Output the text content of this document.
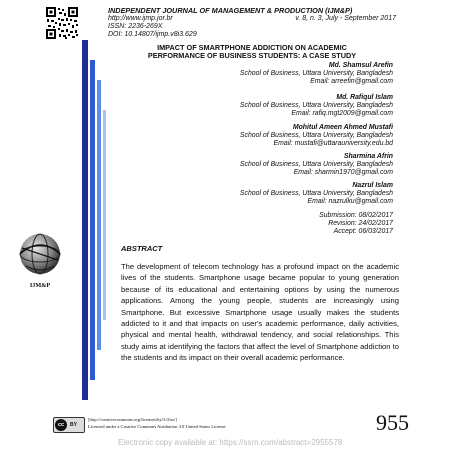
INDEPENDENT JOURNAL OF MANAGEMENT & PRODUCTION (IJM&P)
http://www.ijmp.jor.br	v. 8, n. 3, July - September 2017
ISSN: 2236-269X
DOI: 10.14807/ijmp.v8i3.629
IMPACT OF SMARTPHONE ADDICTION ON ACADEMIC
PERFORMANCE OF BUSINESS STUDENTS: A CASE STUDY
Md. Shamsul Arefin
School of Business, Uttara University, Bangladesh
Email: arreefin@gmail.com
Md. Rafiqul Islam
School of Business, Uttara University, Bangladesh
Email: rafiq.mgt2009@gmail.com
Mohitul Ameen Ahmed Mustafi
School of Business, Uttara University, Bangladesh
Email: mustafi@uttarauniversity.edu.bd
Sharmina Afrin
School of Business, Uttara University, Bangladesh
Email: sharmin1970@gmail.com
Nazrul Islam
School of Business, Uttara University, Bangladesh
Email: nazrulku@gmail.com
Submission: 08/02/2017
Revision: 24/02/2017
Accept: 06/03/2017
IJM&P
ABSTRACT
The development of telecom technology has a profound impact on the academic lives of the students. Smartphone usage became popular to young generation because of its educational and entertaining options by using the numerous applications. Among the young people, students are increasingly using Smartphone. But excessive Smartphone usage usually makes the students addicted to it and that impacts on user's academic performance, daily activities, physical and mental health, withdrawal tendency, and social relationships. This study aims at identifying the factors that affect the level of Smartphone addiction to the students and its impact on their overall academic performance.
cc	BY
[http://creativecommons.org/licenses/by/3.0/us/]
Licensed under a Creative Commons Attribution 3.0 United States License	955
Electronic copy available at: https://ssrn.com/abstract=2955578
